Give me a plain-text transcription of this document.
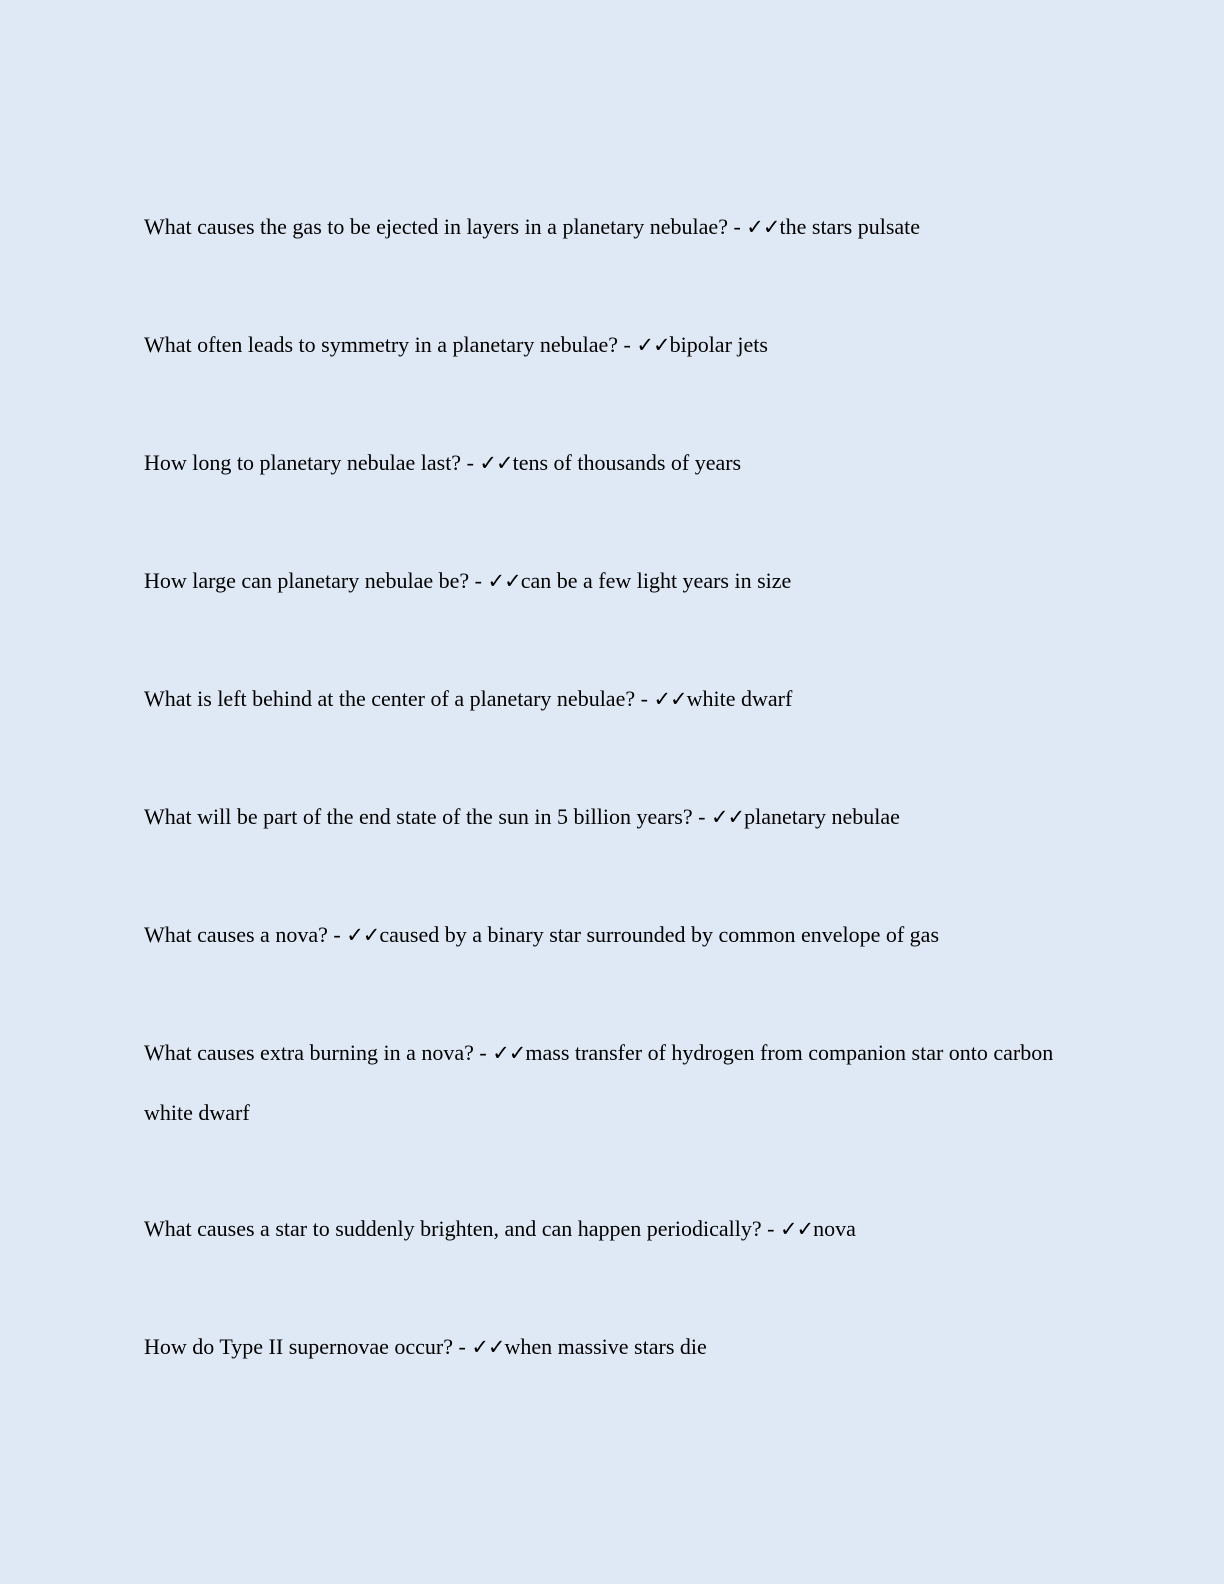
What causes the gas to be ejected in layers in a planetary nebulae? - ✓✓the stars pulsate
What often leads to symmetry in a planetary nebulae? - ✓✓bipolar jets
How long to planetary nebulae last? - ✓✓tens of thousands of years
How large can planetary nebulae be? - ✓✓can be a few light years in size
What is left behind at the center of a planetary nebulae? - ✓✓white dwarf
What will be part of the end state of the sun in 5 billion years? - ✓✓planetary nebulae
What causes a nova? - ✓✓caused by a binary star surrounded by common envelope of gas
What causes extra burning in a nova? - ✓✓mass transfer of hydrogen from companion star onto carbon white dwarf
What causes a star to suddenly brighten, and can happen periodically? - ✓✓nova
How do Type II supernovae occur? - ✓✓when massive stars die
